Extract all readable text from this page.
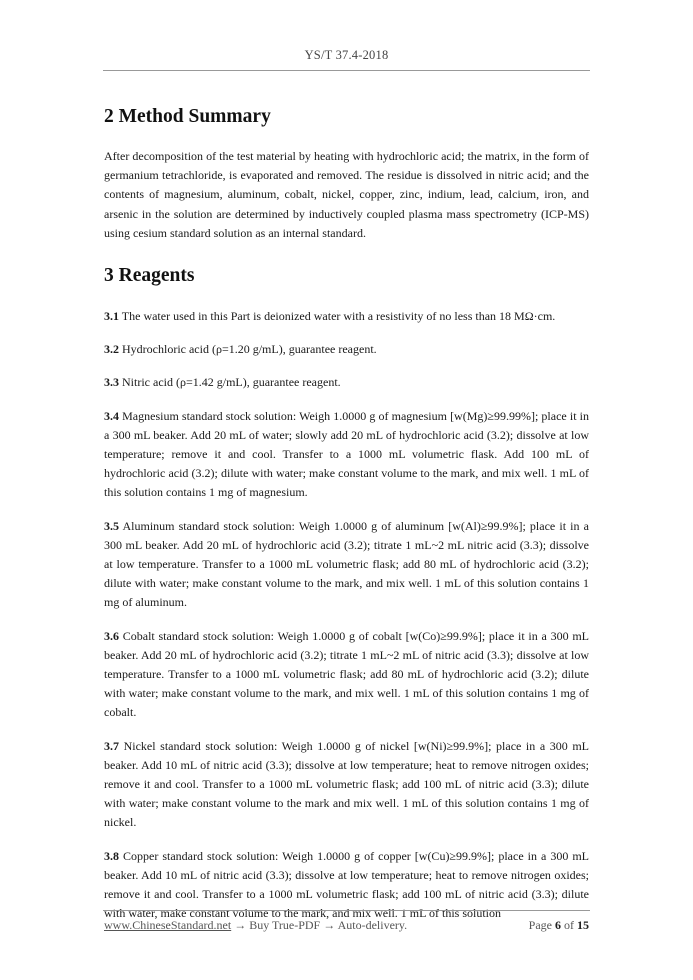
YS/T 37.4-2018
2 Method Summary

After decomposition of the test material by heating with hydrochloric acid; the matrix, in the form of germanium tetrachloride, is evaporated and removed. The residue is dissolved in nitric acid; and the contents of magnesium, aluminum, cobalt, nickel, copper, zinc, indium, lead, calcium, iron, and arsenic in the solution are determined by inductively coupled plasma mass spectrometry (ICP-MS) using cesium standard solution as an internal standard.

3 Reagents

3.1 The water used in this Part is deionized water with a resistivity of no less than 18 MΩ·cm.

3.2 Hydrochloric acid (ρ=1.20 g/mL), guarantee reagent.

3.3 Nitric acid (ρ=1.42 g/mL), guarantee reagent.

3.4 Magnesium standard stock solution: Weigh 1.0000 g of magnesium [w(Mg)≥99.99%]; place it in a 300 mL beaker. Add 20 mL of water; slowly add 20 mL of hydrochloric acid (3.2); dissolve at low temperature; remove it and cool. Transfer to a 1000 mL volumetric flask. Add 100 mL of hydrochloric acid (3.2); dilute with water; make constant volume to the mark, and mix well. 1 mL of this solution contains 1 mg of magnesium.

3.5 Aluminum standard stock solution: Weigh 1.0000 g of aluminum [w(Al)≥99.9%]; place it in a 300 mL beaker. Add 20 mL of hydrochloric acid (3.2); titrate 1 mL~2 mL nitric acid (3.3); dissolve at low temperature. Transfer to a 1000 mL volumetric flask; add 80 mL of hydrochloric acid (3.2); dilute with water; make constant volume to the mark, and mix well. 1 mL of this solution contains 1 mg of aluminum.

3.6 Cobalt standard stock solution: Weigh 1.0000 g of cobalt [w(Co)≥99.9%]; place it in a 300 mL beaker. Add 20 mL of hydrochloric acid (3.2); titrate 1 mL~2 mL of nitric acid (3.3); dissolve at low temperature. Transfer to a 1000 mL volumetric flask; add 80 mL of hydrochloric acid (3.2); dilute with water; make constant volume to the mark, and mix well. 1 mL of this solution contains 1 mg of cobalt.

3.7 Nickel standard stock solution: Weigh 1.0000 g of nickel [w(Ni)≥99.9%]; place in a 300 mL beaker. Add 10 mL of nitric acid (3.3); dissolve at low temperature; heat to remove nitrogen oxides; remove it and cool. Transfer to a 1000 mL volumetric flask; add 100 mL of nitric acid (3.3); dilute with water; make constant volume to the mark and mix well. 1 mL of this solution contains 1 mg of nickel.

3.8 Copper standard stock solution: Weigh 1.0000 g of copper [w(Cu)≥99.9%]; place in a 300 mL beaker. Add 10 mL of nitric acid (3.3); dissolve at low temperature; heat to remove nitrogen oxides; remove it and cool. Transfer to a 1000 mL volumetric flask; add 100 mL of nitric acid (3.3); dilute with water, make constant volume to the mark, and mix well. 1 mL of this solution

www.ChineseStandard.net → Buy True-PDF → Auto-delivery.	Page 6 of 15
